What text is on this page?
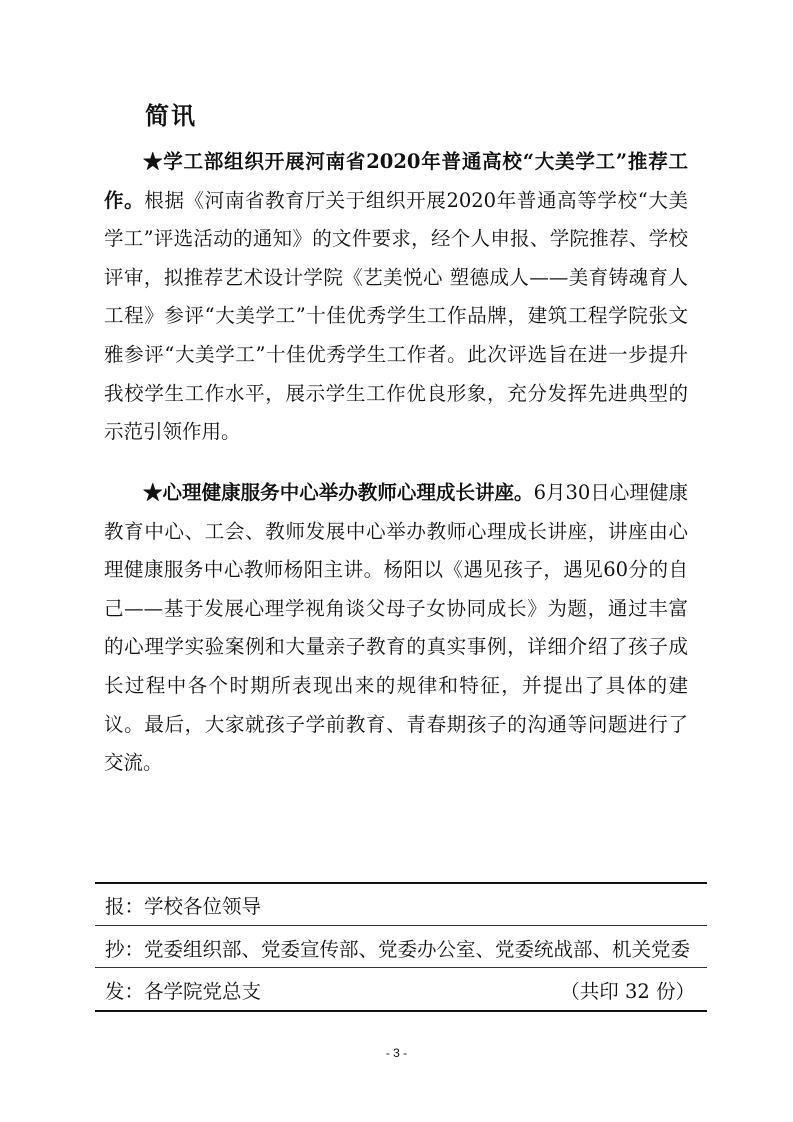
简讯

★学工部组织开展河南省2020年普通高校“大美学工”推荐工作。根据《河南省教育厅关于组织开展2020年普通高等学校“大美学工”评选活动的通知》的文件要求，经个人申报、学院推荐、学校评审，拟推荐艺术设计学院《艺美悦心 塑德成人——美育铸魂育人工程》参评“大美学工”十佳优秀学生工作品牌，建筑工程学院张文雅参评“大美学工”十佳优秀学生工作者。此次评选旨在进一步提升我校学生工作水平，展示学生工作优良形象，充分发挥先进典型的示范引领作用。

★心理健康服务中心举办教师心理成长讲座。6月30日心理健康教育中心、工会、教师发展中心举办教师心理成长讲座，讲座由心理健康服务中心教师杨阳主讲。杨阳以《遇见孩子，遇见60分的自己——基于发展心理学视角谈父母子女协同成长》为题，通过丰富的心理学实验案例和大量亲子教育的真实事例，详细介绍了孩子成长过程中各个时期所表现出来的规律和特征，并提出了具体的建议。最后，大家就孩子学前教育、青春期孩子的沟通等问题进行了交流。

报：学校各位领导
抄：党委组织部、党委宣传部、党委办公室、党委统战部、机关党委
发：各学院党总支	（共印 32 份）
- 3 -
